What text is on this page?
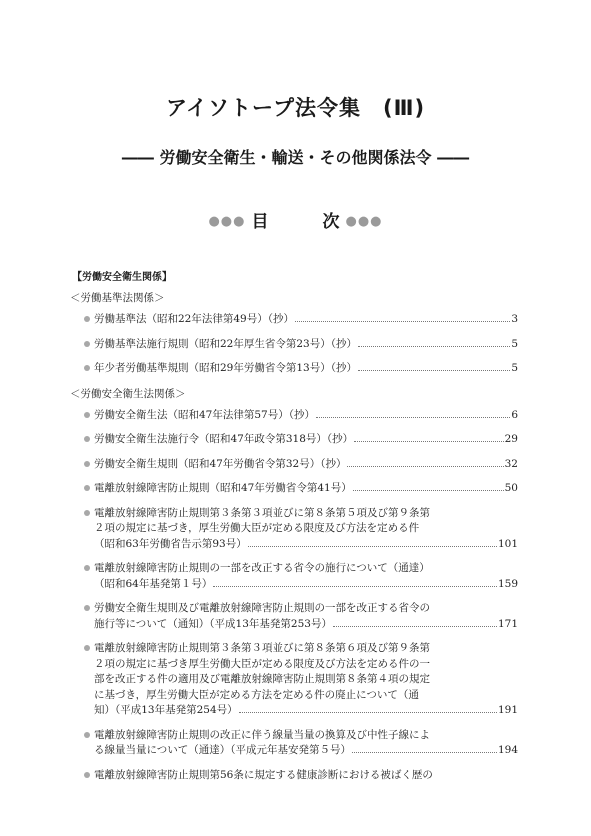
アイソトープ法令集　(Ⅲ)
―― 労働安全衛生・輸送・その他関係法令 ――
●●● 目	次 ●●●
【労働安全衛生関係】
＜労働基準法関係＞
労働基準法（昭和22年法律第49号）（抄）	3
労働基準法施行規則（昭和22年厚生省令第23号）（抄）	5
年少者労働基準規則（昭和29年労働省令第13号）（抄）	5
＜労働安全衛生法関係＞
労働安全衛生法（昭和47年法律第57号）（抄）	6
労働安全衛生法施行令（昭和47年政令第318号）（抄）	29
労働安全衛生規則（昭和47年労働省令第32号）（抄）	32
電離放射線障害防止規則（昭和47年労働省令第41号）	50
電離放射線障害防止規則第３条第３項並びに第８条第５項及び第９条第
２項の規定に基づき，厚生労働大臣が定める限度及び方法を定める件
（昭和63年労働省告示第93号）	101
電離放射線障害防止規則の一部を改正する省令の施行について（通達）
（昭和64年基発第１号）	159
労働安全衛生規則及び電離放射線障害防止規則の一部を改正する省令の
施行等について（通知）（平成13年基発第253号）	171
電離放射線障害防止規則第３条第３項並びに第８条第６項及び第９条第
２項の規定に基づき厚生労働大臣が定める限度及び方法を定める件の一
部を改正する件の適用及び電離放射線障害防止規則第８条第４項の規定
に基づき，厚生労働大臣が定める方法を定める件の廃止について（通
知）（平成13年基発第254号）	191
電離放射線障害防止規則の改正に伴う線量当量の換算及び中性子線によ
る線量当量について（通達）（平成元年基安発第５号）	194
電離放射線障害防止規則第56条に規定する健康診断における被ばく歴の
